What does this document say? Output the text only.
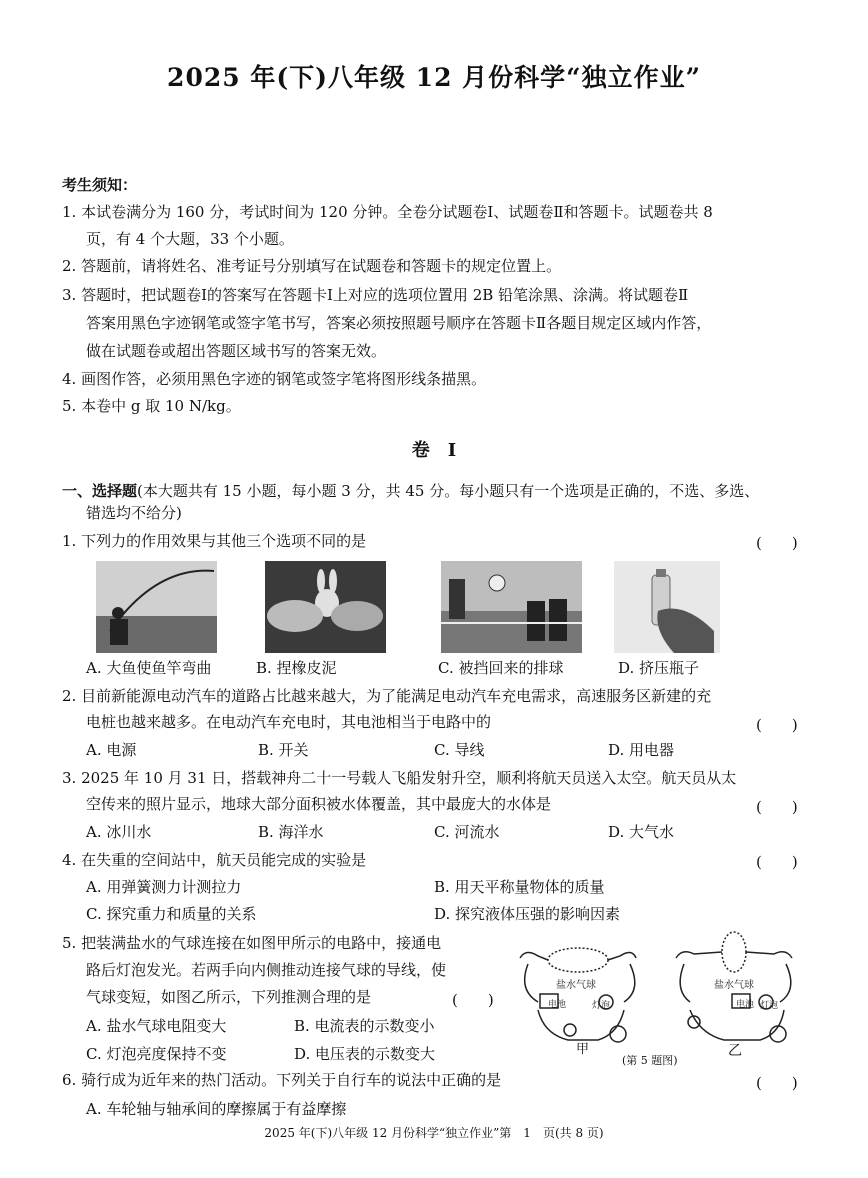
2025 年(下)八年级 12 月份科学“独立作业”
考生须知：
1. 本试卷满分为 160 分，考试时间为 120 分钟。全卷分试题卷Ⅰ、试题卷Ⅱ和答题卡。试题卷共 8
页，有 4 个大题，33 个小题。
2. 答题前，请将姓名、准考证号分别填写在试题卷和答题卡的规定位置上。
3. 答题时，把试题卷Ⅰ的答案写在答题卡Ⅰ上对应的选项位置用 2B 铅笔涂黑、涂满。将试题卷Ⅱ
答案用黑色字迹钢笔或签字笔书写，答案必须按照题号顺序在答题卡Ⅱ各题目规定区域内作答，
做在试题卷或超出答题区域书写的答案无效。
4. 画图作答，必须用黑色字迹的钢笔或签字笔将图形线条描黑。
5. 本卷中 g 取 10 N/kg。
卷　Ⅰ
一、选择题(本大题共有 15 小题，每小题 3 分，共 45 分。每小题只有一个选项是正确的，不选、多选、
错选均不给分)
1. 下列力的作用效果与其他三个选项不同的是	(　　)
A. 大鱼使鱼竿弯曲	B. 捏橡皮泥	C. 被挡回来的排球	D. 挤压瓶子
2. 目前新能源电动汽车的道路占比越来越大，为了能满足电动汽车充电需求，高速服务区新建的充
电桩也越来越多。在电动汽车充电时，其电池相当于电路中的	(　　)
A. 电源	B. 开关	C. 导线	D. 用电器
3. 2025 年 10 月 31 日，搭载神舟二十一号载人飞船发射升空，顺利将航天员送入太空。航天员从太
空传来的照片显示，地球大部分面积被水体覆盖，其中最庞大的水体是	(　　)
A. 冰川水	B. 海洋水	C. 河流水	D. 大气水
4. 在失重的空间站中，航天员能完成的实验是	(　　)
A. 用弹簧测力计测拉力	B. 用天平称量物体的质量
C. 探究重力和质量的关系	D. 探究液体压强的影响因素
5. 把装满盐水的气球连接在如图甲所示的电路中，接通电
路后灯泡发光。若两手向内侧推动连接气球的导线，使
气球变短，如图乙所示，下列推测合理的是	(　　)
A. 盐水气球电阻变大	B. 电流表的示数变小
C. 灯泡亮度保持不变	D. 电压表的示数变大
盐水气球
电池	灯泡
盐水气球
电池 灯泡
甲	乙
(第 5 题图)
6. 骑行成为近年来的热门活动。下列关于自行车的说法中正确的是	(　　)
A. 车轮轴与轴承间的摩擦属于有益摩擦
2025 年(下)八年级 12 月份科学“独立作业”第　1　页(共 8 页)
